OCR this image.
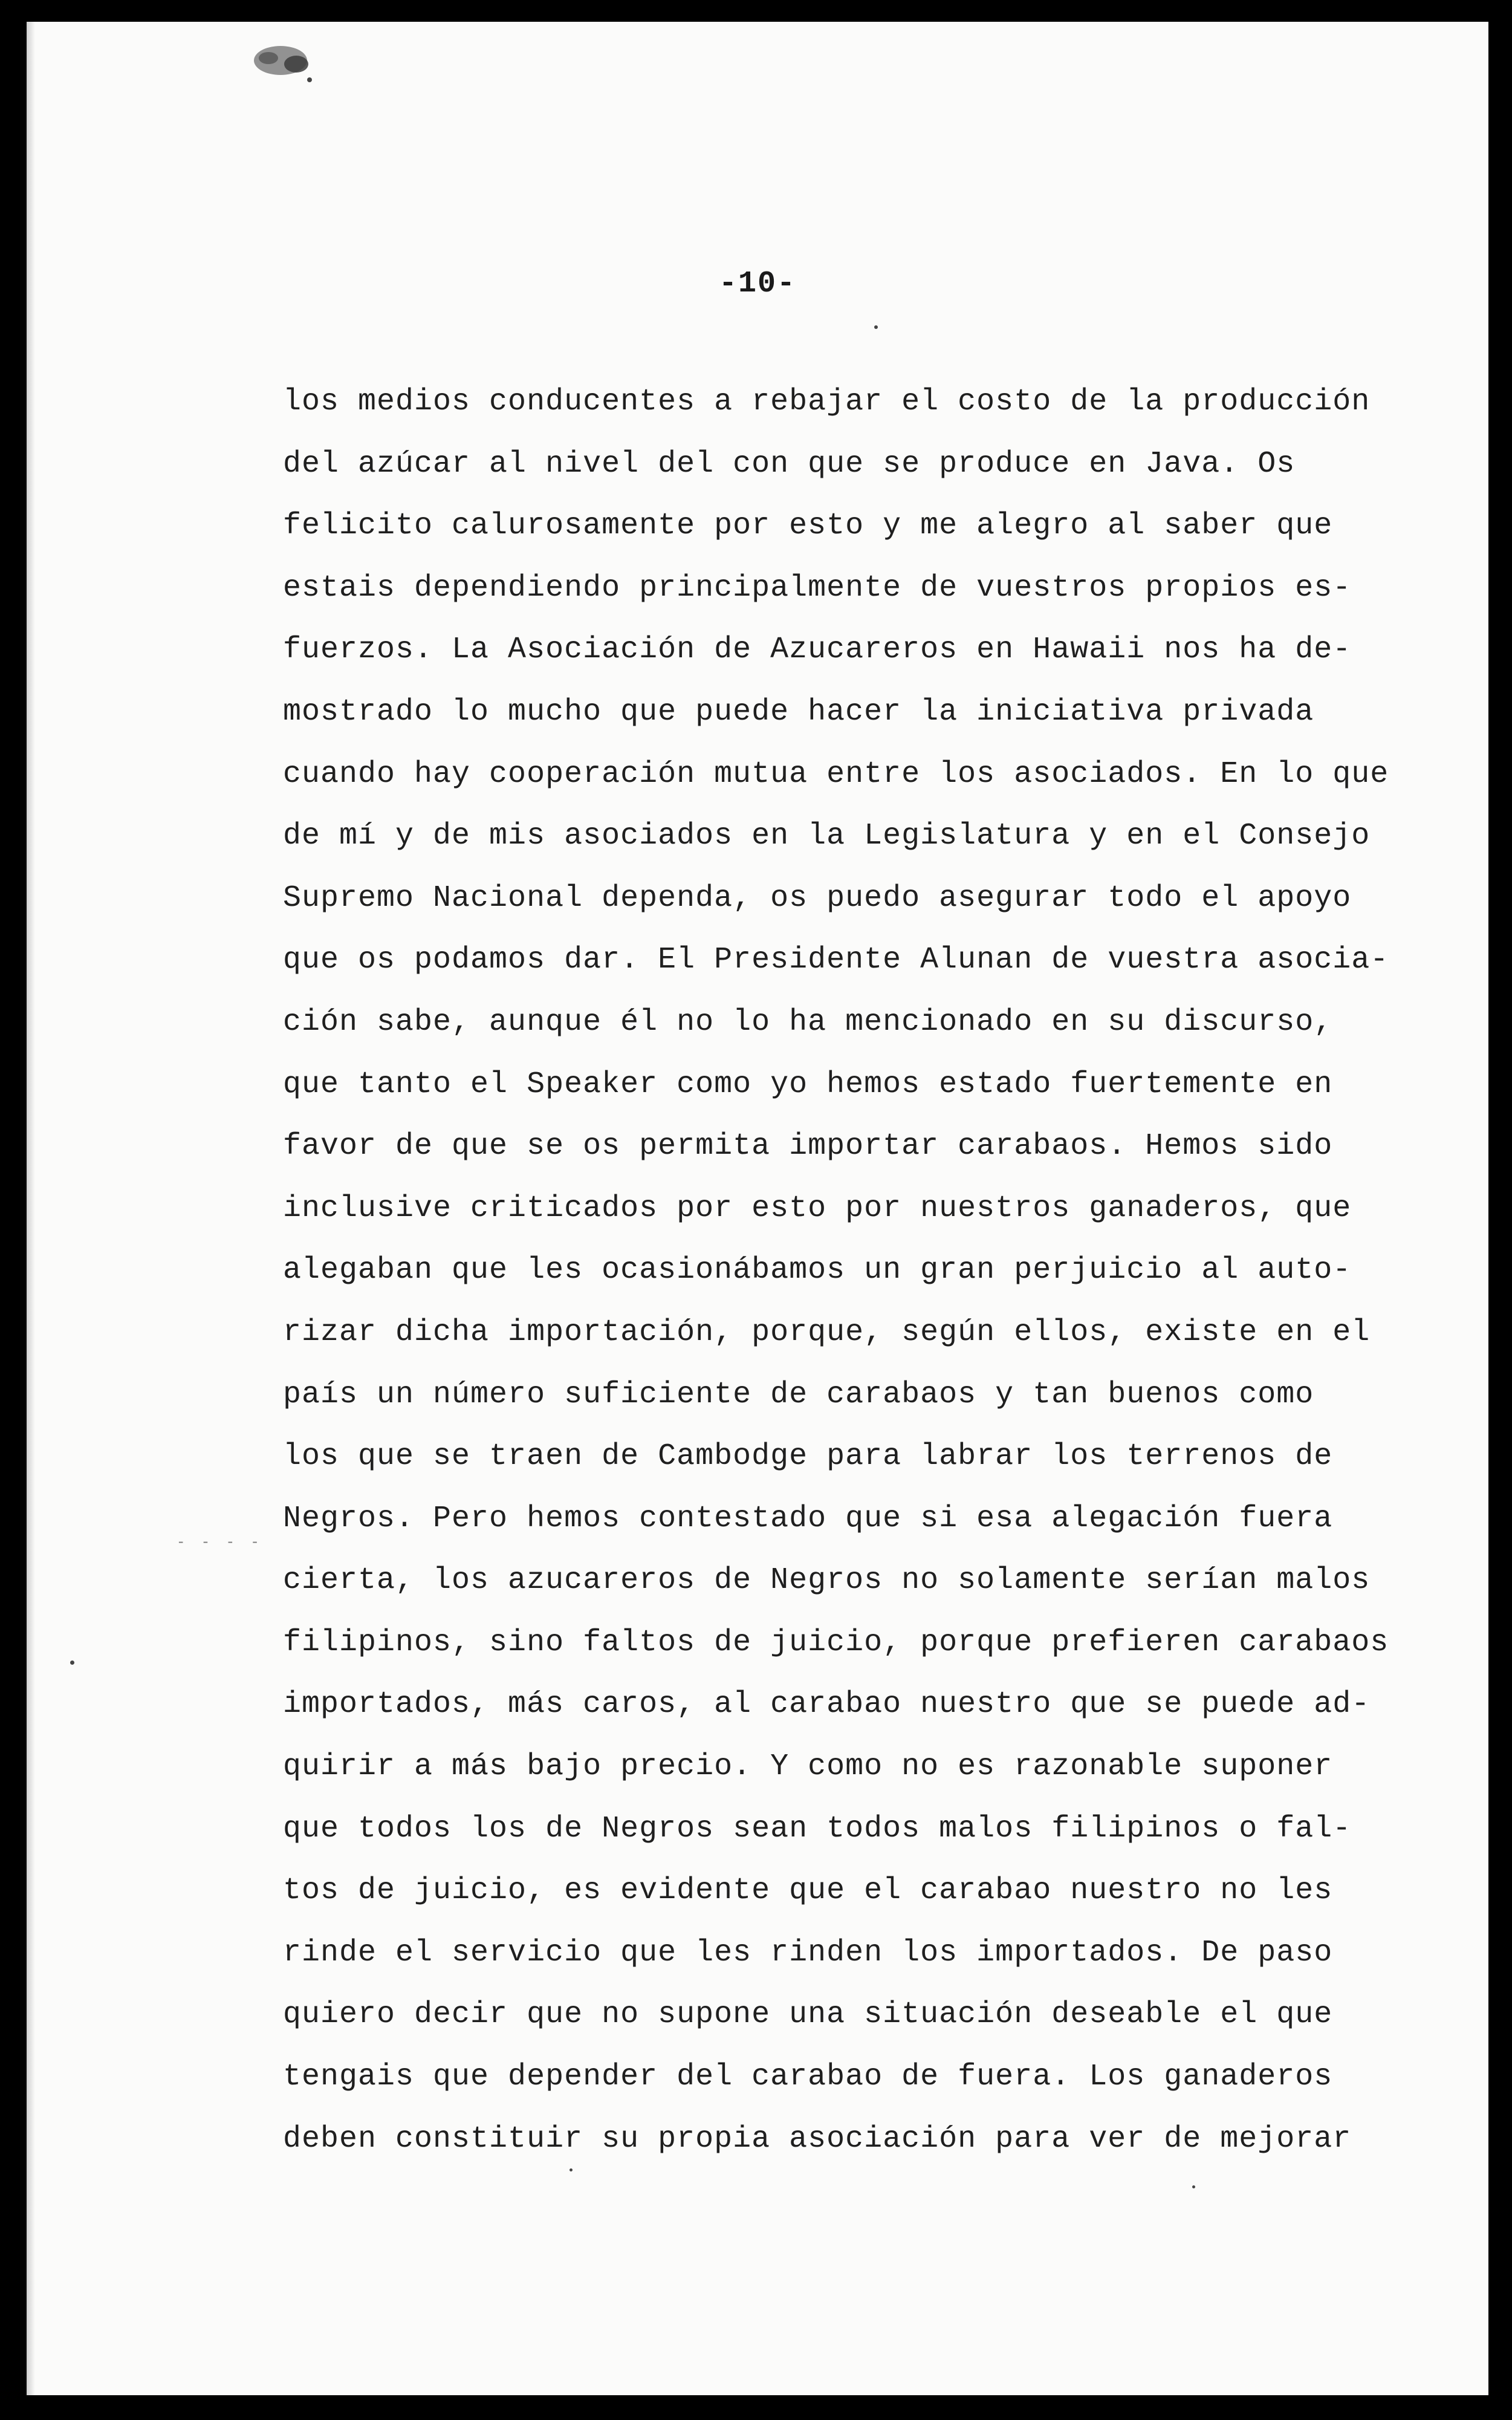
-10-
- - - -
los medios conducentes a rebajar el costo de la producción
del azúcar al nivel del con que se produce en Java. Os
felicito calurosamente por esto y me alegro al saber que
estais dependiendo principalmente de vuestros propios es-
fuerzos. La Asociación de Azucareros en Hawaii nos ha de-
mostrado lo mucho que puede hacer la iniciativa privada
cuando hay cooperación mutua entre los asociados. En lo que
de mí y de mis asociados en la Legislatura y en el Consejo
Supremo Nacional dependa, os puedo asegurar todo el apoyo
que os podamos dar. El Presidente Alunan de vuestra asocia-
ción sabe, aunque él no lo ha mencionado en su discurso,
que tanto el Speaker como yo hemos estado fuertemente en
favor de que se os permita importar carabaos. Hemos sido
inclusive criticados por esto por nuestros ganaderos, que
alegaban que les ocasionábamos un gran perjuicio al auto-
rizar dicha importación, porque, según ellos, existe en el
país un número suficiente de carabaos y tan buenos como
los que se traen de Cambodge para labrar los terrenos de
Negros. Pero hemos contestado que si esa alegación fuera
cierta, los azucareros de Negros no solamente serían malos
filipinos, sino faltos de juicio, porque prefieren carabaos
importados, más caros, al carabao nuestro que se puede ad-
quirir a más bajo precio. Y como no es razonable suponer
que todos los de Negros sean todos malos filipinos o fal-
tos de juicio, es evidente que el carabao nuestro no les
rinde el servicio que les rinden los importados. De paso
quiero decir que no supone una situación deseable el que
tengais que depender del carabao de fuera. Los ganaderos
deben constituir su propia asociación para ver de mejorar
